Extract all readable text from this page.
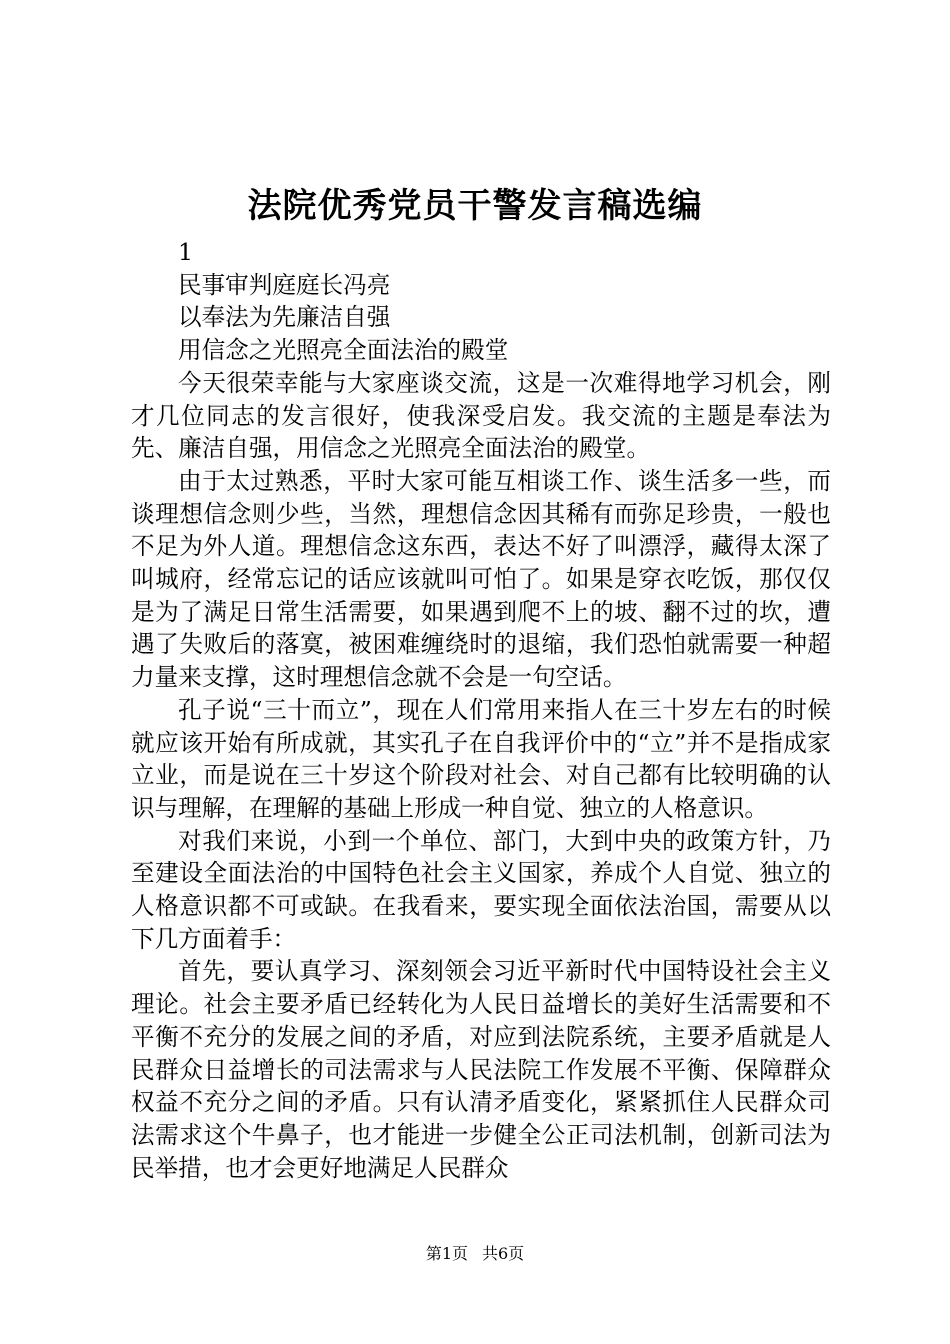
法院优秀党员干警发言稿选编

1

民事审判庭庭长冯亮

以奉法为先廉洁自强

用信念之光照亮全面法治的殿堂

今天很荣幸能与大家座谈交流，这是一次难得地学习机会，刚才几位同志的发言很好，使我深受启发。我交流的主题是奉法为先、廉洁自强，用信念之光照亮全面法治的殿堂。

由于太过熟悉，平时大家可能互相谈工作、谈生活多一些，而谈理想信念则少些，当然，理想信念因其稀有而弥足珍贵，一般也不足为外人道。理想信念这东西，表达不好了叫漂浮，藏得太深了叫城府，经常忘记的话应该就叫可怕了。如果是穿衣吃饭，那仅仅是为了满足日常生活需要，如果遇到爬不上的坡、翻不过的坎，遭遇了失败后的落寞，被困难缠绕时的退缩，我们恐怕就需要一种超力量来支撑，这时理想信念就不会是一句空话。

孔子说“三十而立”，现在人们常用来指人在三十岁左右的时候就应该开始有所成就，其实孔子在自我评价中的“立”并不是指成家立业，而是说在三十岁这个阶段对社会、对自己都有比较明确的认识与理解，在理解的基础上形成一种自觉、独立的人格意识。

对我们来说，小到一个单位、部门，大到中央的政策方针，乃至建设全面法治的中国特色社会主义国家，养成个人自觉、独立的人格意识都不可或缺。在我看来，要实现全面依法治国，需要从以下几方面着手：

首先，要认真学习、深刻领会习近平新时代中国特设社会主义理论。社会主要矛盾已经转化为人民日益增长的美好生活需要和不平衡不充分的发展之间的矛盾，对应到法院系统，主要矛盾就是人民群众日益增长的司法需求与人民法院工作发展不平衡、保障群众权益不充分之间的矛盾。只有认清矛盾变化，紧紧抓住人民群众司法需求这个牛鼻子，也才能进一步健全公正司法机制，创新司法为民举措，也才会更好地满足人民群众

第1页 共6页
